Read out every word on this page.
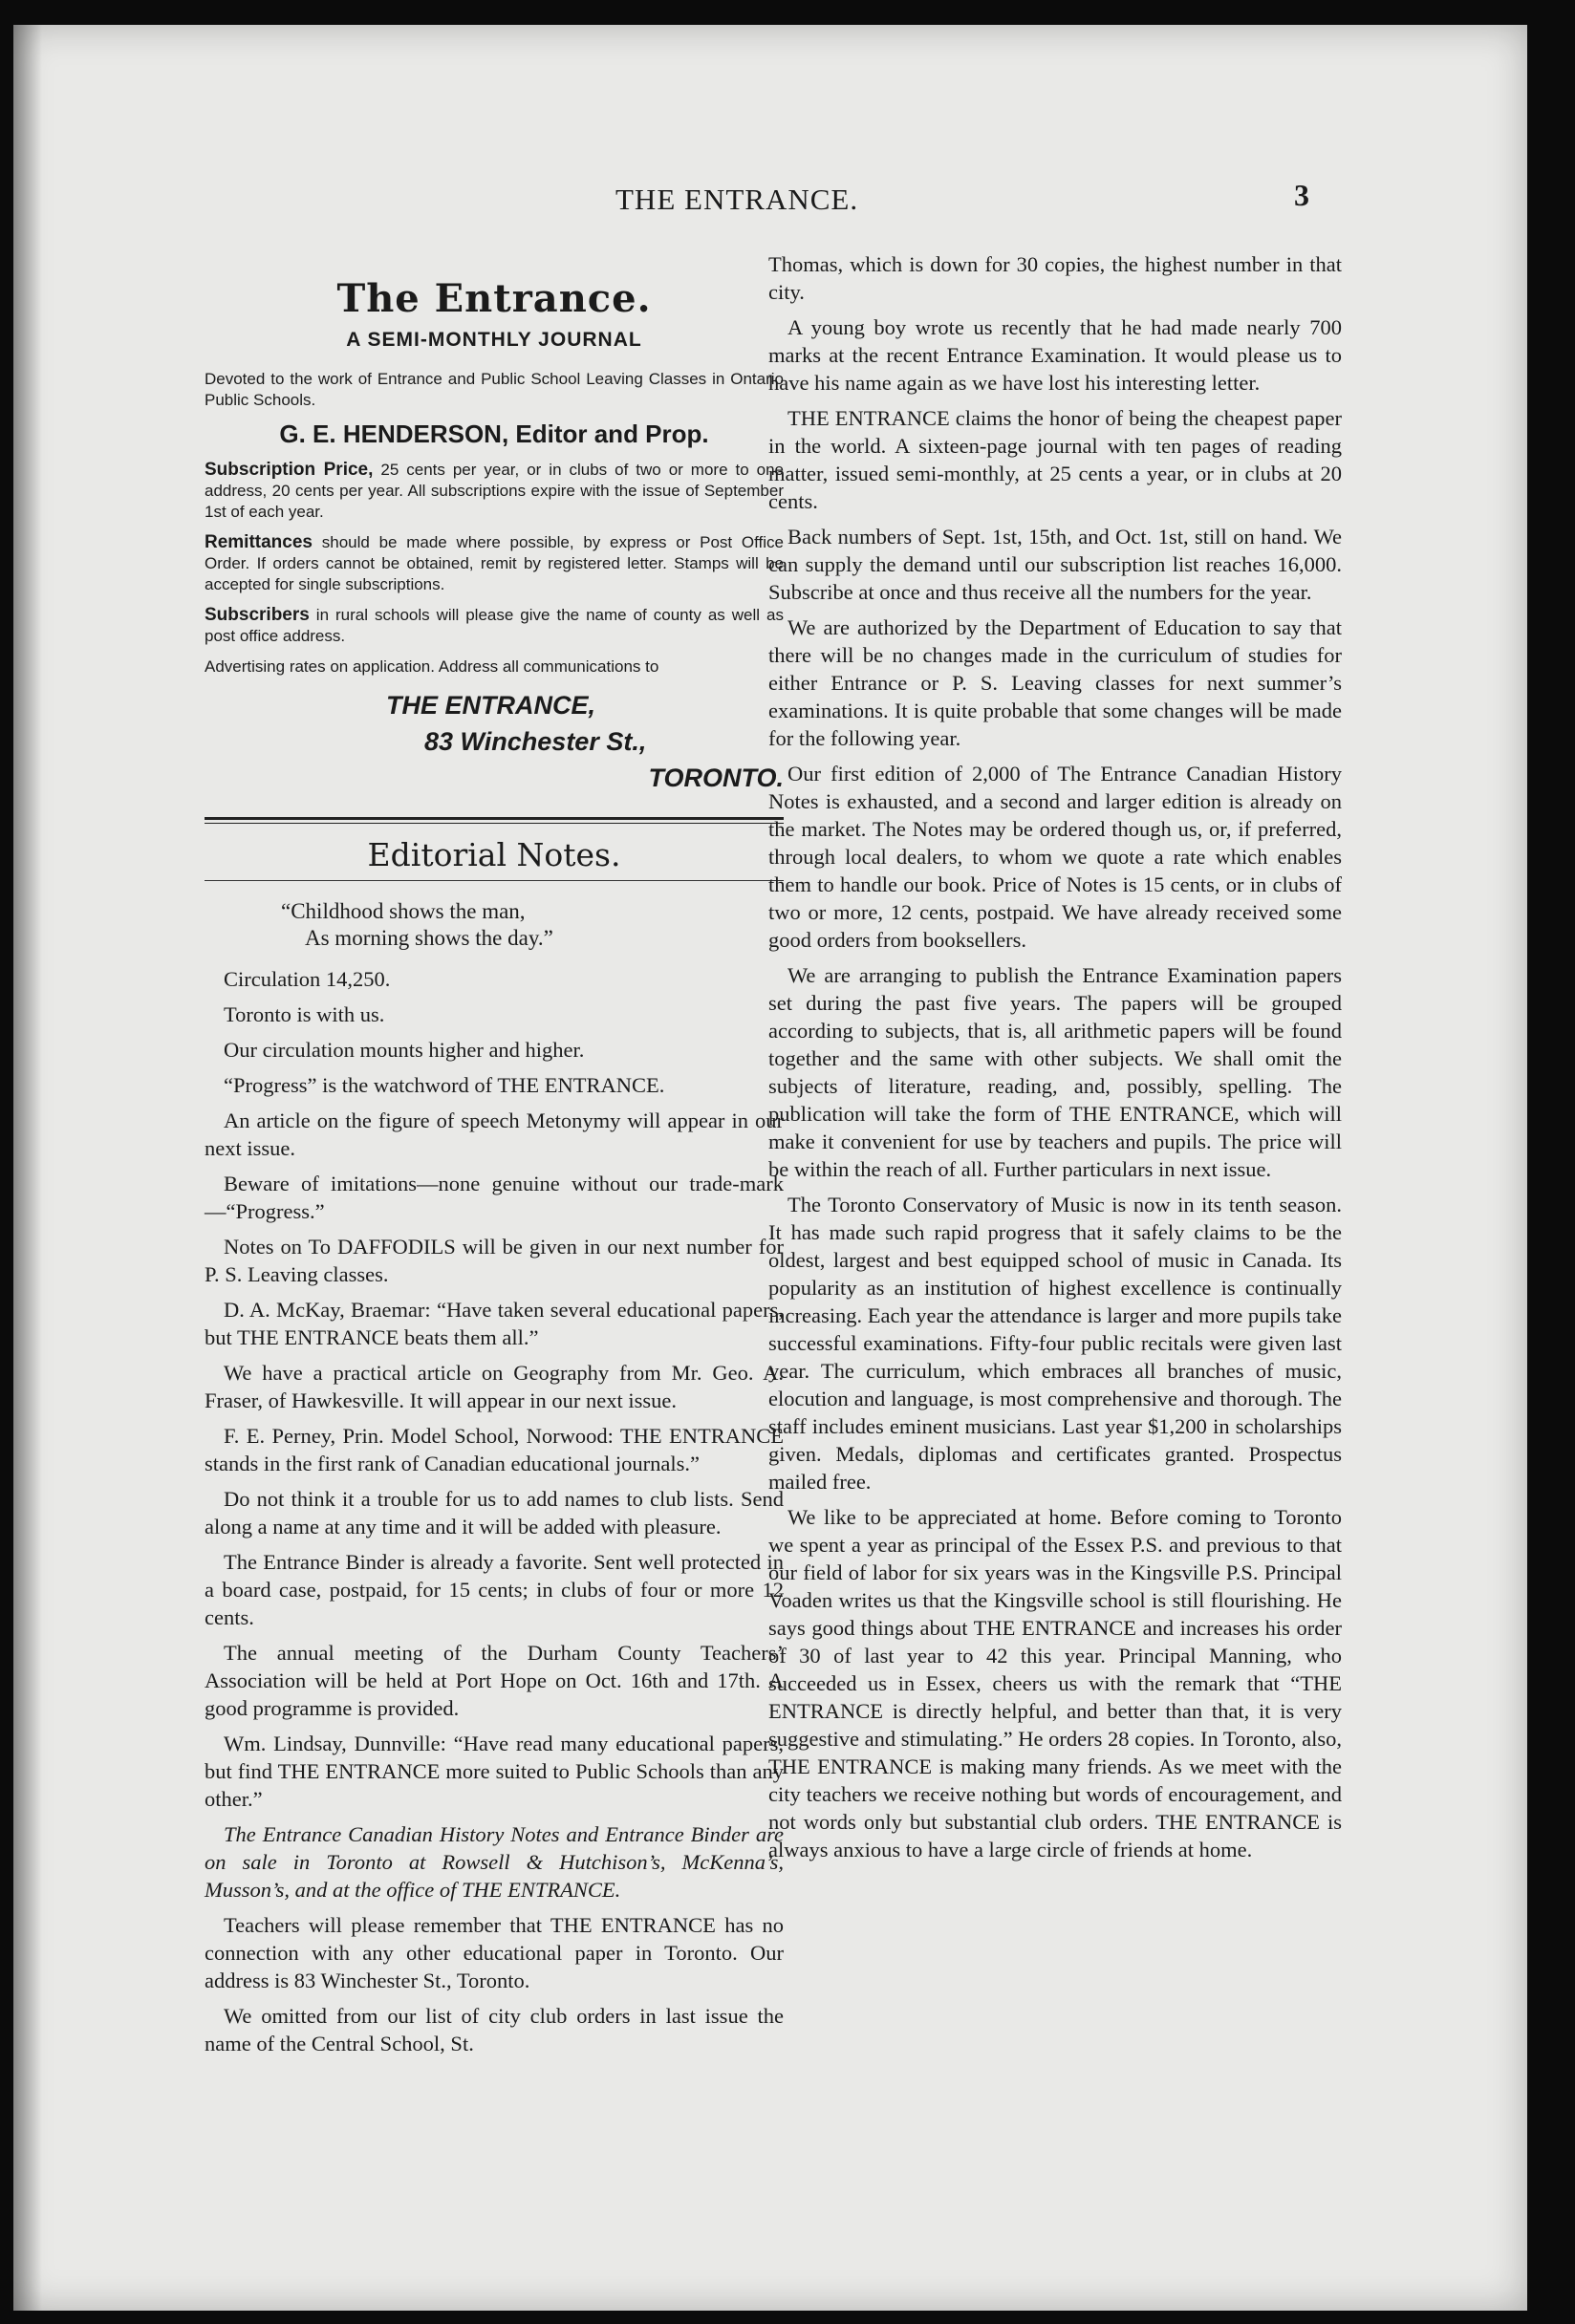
THE ENTRANCE.	3
The Entrance.
A SEMI-MONTHLY JOURNAL
Devoted to the work of Entrance and Public School Leaving Classes in Ontario Public Schools.
G. E. HENDERSON, Editor and Prop.
Subscription Price, 25 cents per year, or in clubs of two or more to one address, 20 cents per year. All subscriptions expire with the issue of September 1st of each year.
Remittances should be made where possible, by express or Post Office Order. If orders cannot be obtained, remit by registered letter. Stamps will be accepted for single subscriptions.
Subscribers in rural schools will please give the name of county as well as post office address.
Advertising rates on application. Address all communications to
THE ENTRANCE,
83 Winchester St.,
TORONTO.
Editorial Notes.
“Childhood shows the man,
As morning shows the day.”

Circulation 14,250.

Toronto is with us.

Our circulation mounts higher and higher.

“Progress” is the watchword of THE ENTRANCE.

An article on the figure of speech Metonymy will appear in our next issue.

Beware of imitations—none genuine without our trade-mark—“Progress.”

Notes on To DAFFODILS will be given in our next number for P. S. Leaving classes.

D. A. McKay, Braemar: “Have taken several educational papers, but THE ENTRANCE beats them all.”

We have a practical article on Geography from Mr. Geo. A. Fraser, of Hawkesville. It will appear in our next issue.

F. E. Perney, Prin. Model School, Norwood: THE ENTRANCE stands in the first rank of Canadian educational journals.”

Do not think it a trouble for us to add names to club lists. Send along a name at any time and it will be added with pleasure.

The Entrance Binder is already a favorite. Sent well protected in a board case, postpaid, for 15 cents; in clubs of four or more 12 cents.

The annual meeting of the Durham County Teachers’ Association will be held at Port Hope on Oct. 16th and 17th. A good programme is provided.

Wm. Lindsay, Dunnville: “Have read many educational papers, but find THE ENTRANCE more suited to Public Schools than any other.”

The Entrance Canadian History Notes and Entrance Binder are on sale in Toronto at Rowsell & Hutchison’s, McKenna’s, Musson’s, and at the office of THE ENTRANCE.

Teachers will please remember that THE ENTRANCE has no connection with any other educational paper in Toronto. Our address is 83 Winchester St., Toronto.

We omitted from our list of city club orders in last issue the name of the Central School, St.

Thomas, which is down for 30 copies, the highest number in that city.

A young boy wrote us recently that he had made nearly 700 marks at the recent Entrance Examination. It would please us to have his name again as we have lost his interesting letter.

THE ENTRANCE claims the honor of being the cheapest paper in the world. A sixteen-page journal with ten pages of reading matter, issued semi-monthly, at 25 cents a year, or in clubs at 20 cents.

Back numbers of Sept. 1st, 15th, and Oct. 1st, still on hand. We can supply the demand until our subscription list reaches 16,000. Subscribe at once and thus receive all the numbers for the year.

We are authorized by the Department of Education to say that there will be no changes made in the curriculum of studies for either Entrance or P. S. Leaving classes for next summer’s examinations. It is quite probable that some changes will be made for the following year.

Our first edition of 2,000 of The Entrance Canadian History Notes is exhausted, and a second and larger edition is already on the market. The Notes may be ordered though us, or, if preferred, through local dealers, to whom we quote a rate which enables them to handle our book. Price of Notes is 15 cents, or in clubs of two or more, 12 cents, postpaid. We have already received some good orders from booksellers.

We are arranging to publish the Entrance Examination papers set during the past five years. The papers will be grouped according to subjects, that is, all arithmetic papers will be found together and the same with other subjects. We shall omit the subjects of literature, reading, and, possibly, spelling. The publication will take the form of THE ENTRANCE, which will make it convenient for use by teachers and pupils. The price will be within the reach of all. Further particulars in next issue.

The Toronto Conservatory of Music is now in its tenth season. It has made such rapid progress that it safely claims to be the oldest, largest and best equipped school of music in Canada. Its popularity as an institution of highest excellence is continually increasing. Each year the attendance is larger and more pupils take successful examinations. Fifty-four public recitals were given last year. The curriculum, which embraces all branches of music, elocution and language, is most comprehensive and thorough. The staff includes eminent musicians. Last year $1,200 in scholarships given. Medals, diplomas and certificates granted. Prospectus mailed free.

We like to be appreciated at home. Before coming to Toronto we spent a year as principal of the Essex P.S. and previous to that our field of labor for six years was in the Kingsville P.S. Principal Voaden writes us that the Kingsville school is still flourishing. He says good things about THE ENTRANCE and increases his order of 30 of last year to 42 this year. Principal Manning, who succeeded us in Essex, cheers us with the remark that “THE ENTRANCE is directly helpful, and better than that, it is very suggestive and stimulating.” He orders 28 copies. In Toronto, also, THE ENTRANCE is making many friends. As we meet with the city teachers we receive nothing but words of encouragement, and not words only but substantial club orders. THE ENTRANCE is always anxious to have a large circle of friends at home.
